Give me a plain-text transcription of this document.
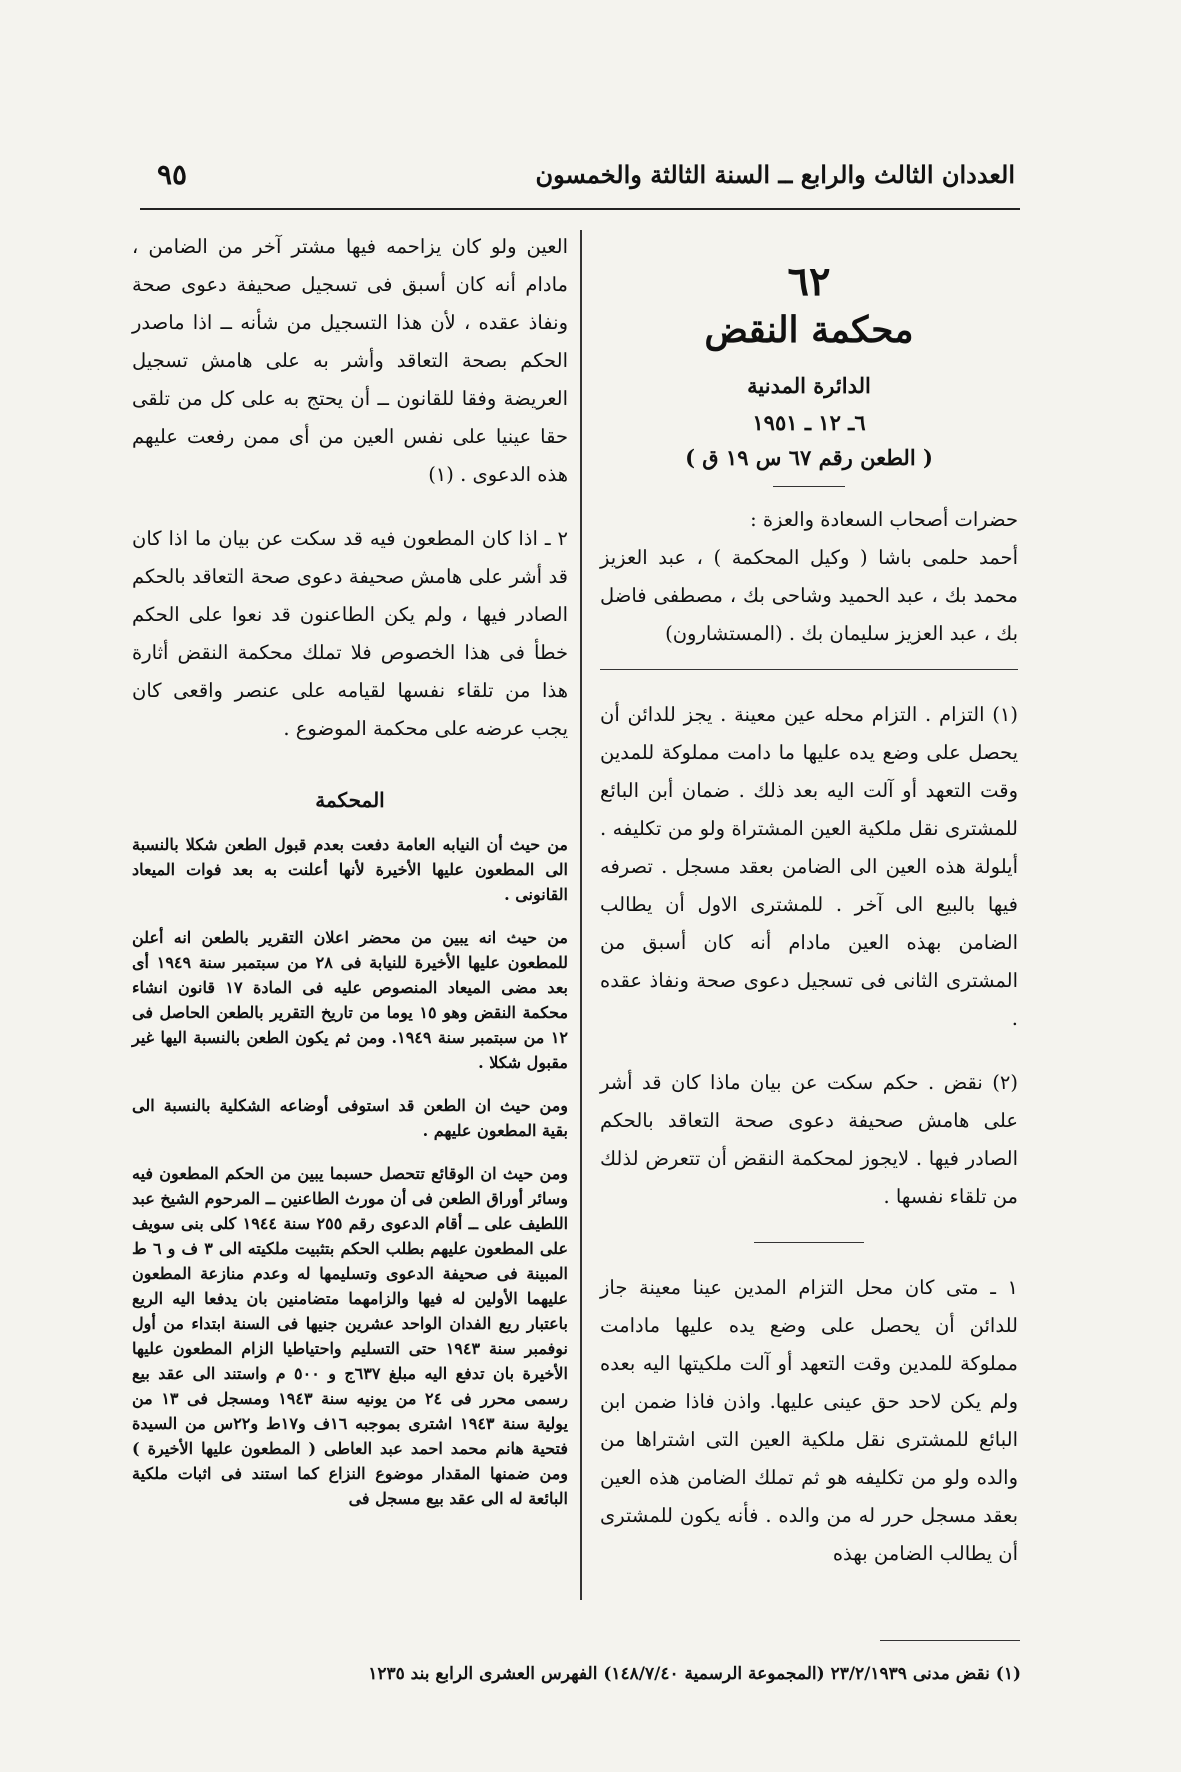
العددان الثالث والرابع ــ السنة الثالثة والخمسون
٩٥

٦٢

محكمة النقض

الدائرة المدنية

٦ـ ١٢ ـ ١٩٥١

( الطعن رقم ٦٧ س ١٩ ق )

حضرات أصحاب السعادة والعزة :

أحمد حلمى باشا ( وكيل المحكمة ) ، عبد العزيز محمد بك ، عبد الحميد وشاحى بك ، مصطفى فاضل بك ، عبد العزيز سليمان بك . (المستشارون)

(١) التزام . التزام محله عين معينة . يجز للدائن أن يحصل على وضع يده عليها ما دامت مملوكة للمدين وقت التعهد أو آلت اليه بعد ذلك . ضمان أبن البائع للمشترى نقل ملكية العين المشتراة ولو من تكليفه . أيلولة هذه العين الى الضامن بعقد مسجل . تصرفه فيها بالبيع الى آخر . للمشترى الاول أن يطالب الضامن بهذه العين مادام أنه كان أسبق من المشترى الثانى فى تسجيل دعوى صحة ونفاذ عقده .

(٢) نقض . حكم سكت عن بيان ماذا كان قد أشر على هامش صحيفة دعوى صحة التعاقد بالحكم الصادر فيها . لايجوز لمحكمة النقض أن تتعرض لذلك من تلقاء نفسها .

١ ـ متى كان محل التزام المدين عينا معينة جاز للدائن أن يحصل على وضع يده عليها مادامت مملوكة للمدين وقت التعهد أو آلت ملكيتها اليه بعده ولم يكن لاحد حق عينى عليها. واذن فاذا ضمن ابن البائع للمشترى نقل ملكية العين التى اشتراها من والده ولو من تكليفه هو ثم تملك الضامن هذه العين بعقد مسجل حرر له من والده . فأنه يكون للمشترى أن يطالب الضامن بهذه

العين ولو كان يزاحمه فيها مشتر آخر من الضامن ، مادام أنه كان أسبق فى تسجيل صحيفة دعوى صحة ونفاذ عقده ، لأن هذا التسجيل من شأنه ــ اذا ماصدر الحكم بصحة التعاقد وأشر به على هامش تسجيل العريضة وفقا للقانون ــ أن يحتج به على كل من تلقى حقا عينيا على نفس العين من أى ممن رفعت عليهم هذه الدعوى . (١)

٢ ـ اذا كان المطعون فيه قد سكت عن بيان ما اذا كان قد أشر على هامش صحيفة دعوى صحة التعاقد بالحكم الصادر فيها ، ولم يكن الطاعنون قد نعوا على الحكم خطأ فى هذا الخصوص فلا تملك محكمة النقض أثارة هذا من تلقاء نفسها لقيامه على عنصر واقعى كان يجب عرضه على محكمة الموضوع .

المحكمة

من حيث أن النيابه العامة دفعت بعدم قبول الطعن شكلا بالنسبة الى المطعون عليها الأخيرة لأنها أعلنت به بعد فوات الميعاد القانونى .

من حيث انه يبين من محضر اعلان التقرير بالطعن انه أعلن للمطعون عليها الأخيرة للنيابة فى ٢٨ من سبتمبر سنة ١٩٤٩ أى بعد مضى الميعاد المنصوص عليه فى المادة ١٧ قانون انشاء محكمة النقض وهو ١٥ يوما من تاريخ التقرير بالطعن الحاصل فى ١٢ من سبتمبر سنة ١٩٤٩. ومن ثم يكون الطعن بالنسبة اليها غير مقبول شكلا .

ومن حيث ان الطعن قد استوفى أوضاعه الشكلية بالنسبة الى بقية المطعون عليهم .

ومن حيث ان الوقائع تتحصل حسبما يبين من الحكم المطعون فيه وسائر أوراق الطعن فى أن مورث الطاعنين ــ المرحوم الشيخ عبد اللطيف على ــ أقام الدعوى رقم ٢٥٥ سنة ١٩٤٤ كلى بنى سويف على المطعون عليهم بطلب الحكم بتثبيت ملكيته الى ٣ ف و ٦ ط المبينة فى صحيفة الدعوى وتسليمها له وعدم منازعة المطعون عليهما الأولين له فيها والزامهما متضامنين بان يدفعا اليه الريع باعتبار ريع الفدان الواحد عشرين جنيها فى السنة ابتداء من أول نوفمبر سنة ١٩٤٣ حتى التسليم واحتياطيا الزام المطعون عليها الأخيرة بان تدفع اليه مبلغ ٦٣٧ج و ٥٠٠ م واستند الى عقد بيع رسمى محرر فى ٢٤ من يونيه سنة ١٩٤٣ ومسجل فى ١٣ من يولية سنة ١٩٤٣ اشترى بموجبه ١٦ف و١٧ط و٢٢س من السيدة فتحية هانم محمد احمد عبد العاطى ( المطعون عليها الأخيرة ) ومن ضمنها المقدار موضوع النزاع كما استند فى اثبات ملكية البائعة له الى عقد بيع مسجل فى

(١) نقض مدنى ٢٣/٢/١٩٣٩ (المجموعة الرسمية ١٤٨/٧/٤٠) الفهرس العشرى الرابع بند ١٢٣٥
